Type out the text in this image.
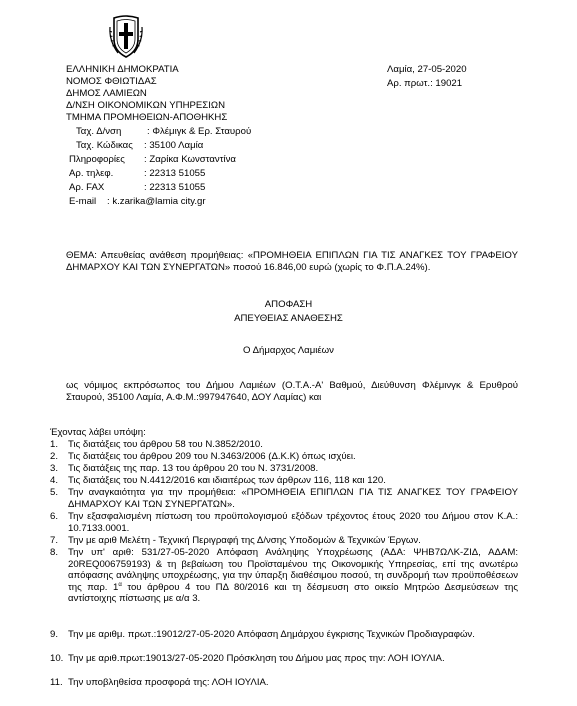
ΕΛΛΗΝΙΚΗ ΔΗΜΟΚΡΑΤΙΑ
ΝΟΜΟΣ ΦΘΙΩΤΙΔΑΣ
ΔΗΜΟΣ ΛΑΜΙΕΩΝ
Δ/ΝΣΗ ΟΙΚΟΝΟΜΙΚΩΝ ΥΠΗΡΕΣΙΩΝ
ΤΜΗΜΑ ΠΡΟΜΗΘΕΙΩΝ-ΑΠΟΘΗΚΗΣ
Ταχ. Δ/νση	: Φλέμιγκ & Ερ. Σταυρού
Ταχ. Κώδικας : 35100 Λαμία
Πληροφορίες : Ζαρίκα Κωνσταντίνα
Αρ. τηλεφ.	: 22313 51055
Αρ. FAX	: 22313 51055
E-mail : k.zarika@lamia city.gr
Λαμία, 27-05-2020
Αρ. πρωτ.: 19021
ΘΕΜΑ: Απευθείας ανάθεση προμήθειας: «ΠΡΟΜΗΘΕΙΑ ΕΠΙΠΛΩΝ ΓΙΑ ΤΙΣ ΑΝΑΓΚΕΣ ΤΟΥ ΓΡΑΦΕΙΟΥ ΔΗΜΑΡΧΟΥ ΚΑΙ ΤΩΝ ΣΥΝΕΡΓΑΤΩΝ» ποσού 16.846,00 ευρώ (χωρίς το Φ.Π.Α.24%).
ΑΠΟΦΑΣΗ
ΑΠΕΥΘΕΙΑΣ ΑΝΑΘΕΣΗΣ
Ο Δήμαρχος Λαμιέων
ως νόμιμος εκπρόσωπος του Δήμου Λαμιέων (Ο.Τ.Α.-Α' Βαθμού, Διεύθυνση Φλέμινγκ & Ερυθρού Σταυρού, 35100 Λαμία, Α.Φ.Μ.:997947640, ΔΟΥ Λαμίας) και
Έχοντας λάβει υπόψη:
1.	Τις διατάξεις του άρθρου 58 του Ν.3852/2010.
2.	Τις διατάξεις του άρθρου 209 του Ν.3463/2006 (Δ.Κ.Κ) όπως ισχύει.
3.	Τις διατάξεις της παρ. 13 του άρθρου 20 του Ν. 3731/2008.
4.	Τις διατάξεις του Ν.4412/2016 και ιδιαιτέρως των άρθρων 116, 118 και 120.
5.	Την αναγκαιότητα για την προμήθεια: «ΠΡΟΜΗΘΕΙΑ ΕΠΙΠΛΩΝ ΓΙΑ ΤΙΣ ΑΝΑΓΚΕΣ ΤΟΥ ΓΡΑΦΕΙΟΥ ΔΗΜΑΡΧΟΥ ΚΑΙ ΤΩΝ ΣΥΝΕΡΓΑΤΩΝ».
6.	Την εξασφαλισμένη πίστωση του προϋπολογισμού εξόδων τρέχοντος έτους 2020 του Δήμου στον Κ.Α.: 10.7133.0001.
7.	Την με αριθ Μελέτη - Τεχνική Περιγραφή της Δ/νσης Υποδομών & Τεχνικών Έργων.
8.	Την υπ' αριθ: 531/27-05-2020 Απόφαση Ανάληψης Υποχρέωσης (ΑΔΑ: ΨΗΒ7ΩΛΚ-ΖΙΔ, ΑΔΑΜ: 20REQ006759193) & τη βεβαίωση του Προϊσταμένου της Οικονομικής Υπηρεσίας, επί της ανωτέρω απόφασης ανάληψης υποχρέωσης, για την ύπαρξη διαθέσιμου ποσού, τη συνδρομή των προϋποθέσεων της παρ. $1^\alpha$ του άρθρου 4 του ΠΔ 80/2016 και τη δέσμευση στο οικείο Μητρώο Δεσμεύσεων της αντίστοιχης πίστωσης με α/α 3.
9.	Την με αριθμ. πρωτ.:19012/27-05-2020 Απόφαση Δημάρχου έγκρισης Τεχνικών Προδιαγραφών.
10. Την με αριθ.πρωτ:19013/27-05-2020 Πρόσκληση του Δήμου μας προς την: ΛΟΗ ΙΟΥΛΙΑ.
11. Την υποβληθείσα προσφορά της: ΛΟΗ ΙΟΥΛΙΑ.
